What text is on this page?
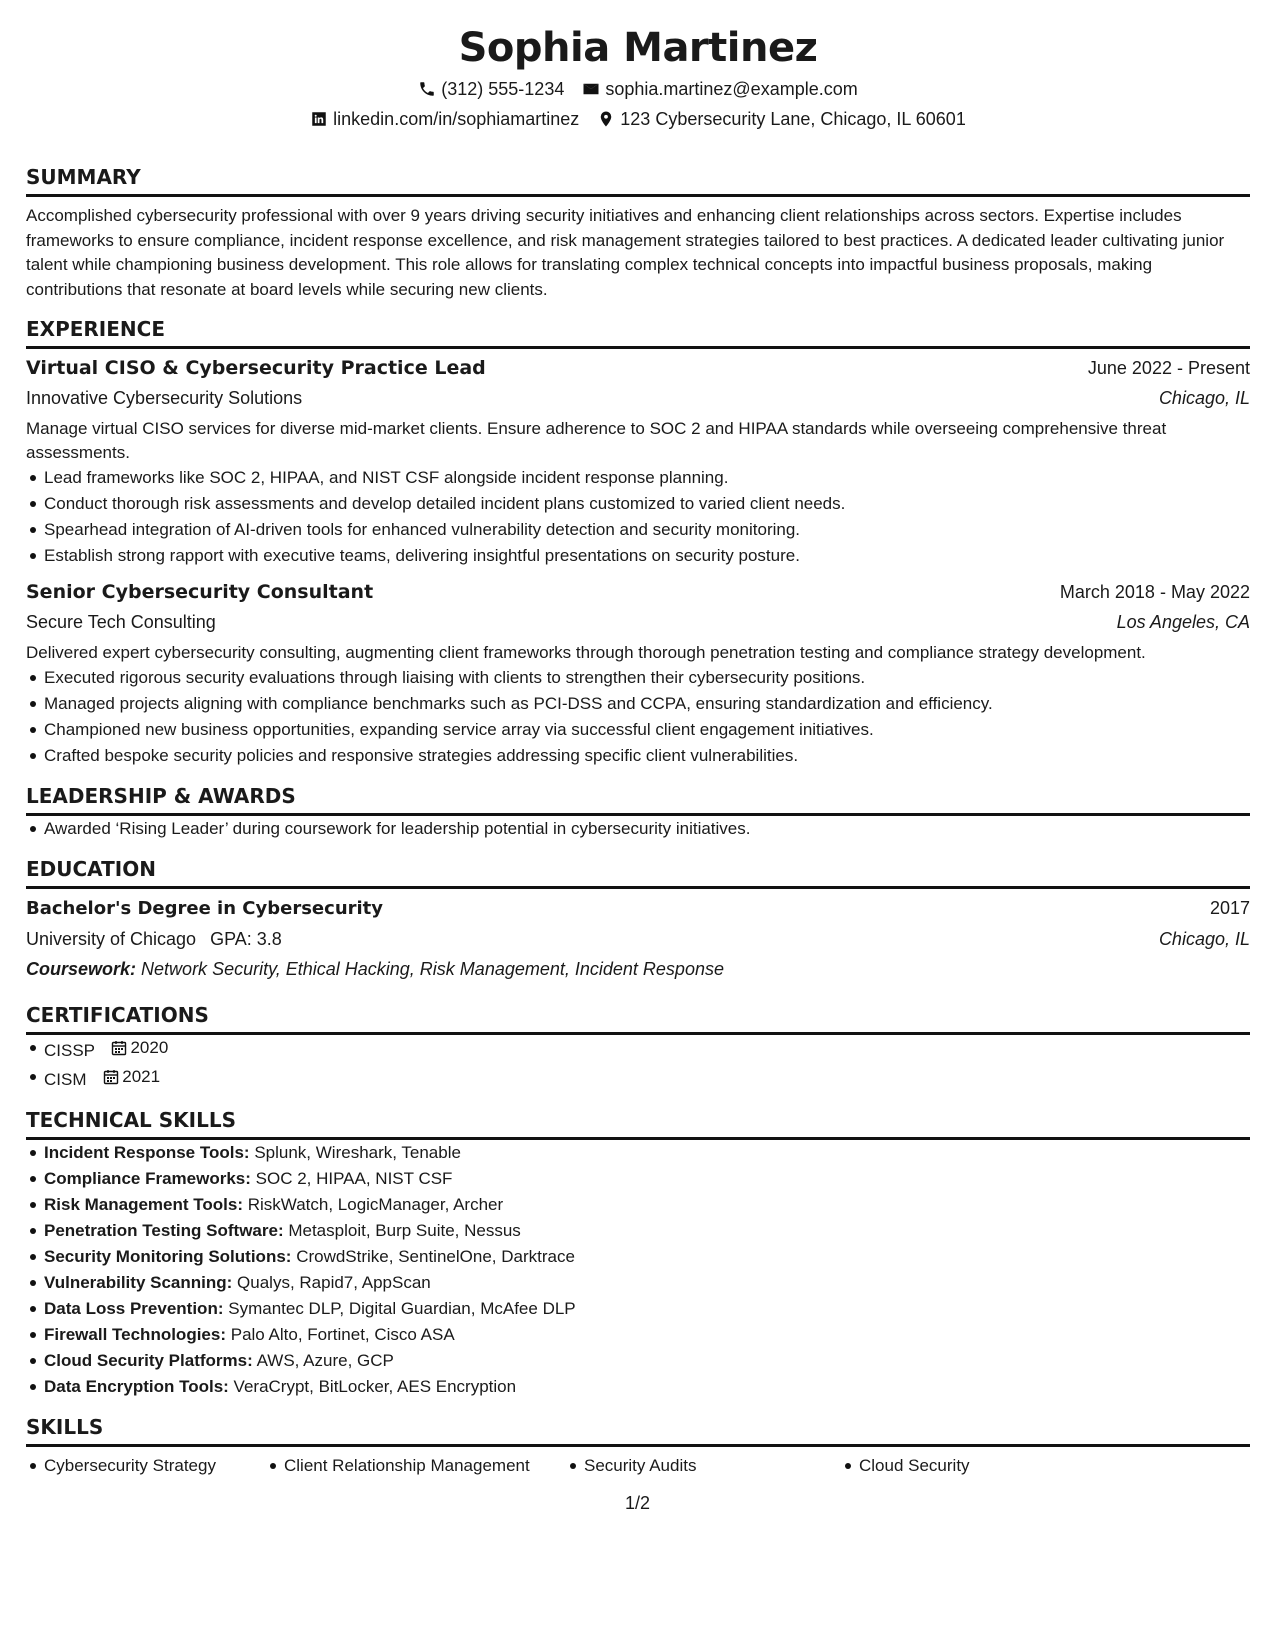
Sophia Martinez
(312) 555-1234 sophia.martinez@example.com
linkedin.com/in/sophiamartinez 123 Cybersecurity Lane, Chicago, IL 60601
SUMMARY

Accomplished cybersecurity professional with over 9 years driving security initiatives and enhancing client relationships across sectors. Expertise includes frameworks to ensure compliance, incident response excellence, and risk management strategies tailored to best practices. A dedicated leader cultivating junior talent while championing business development. This role allows for translating complex technical concepts into impactful business proposals, making contributions that resonate at board levels while securing new clients.

EXPERIENCE
Virtual CISO & Cybersecurity Practice Lead	June 2022 - Present
Innovative Cybersecurity Solutions	Chicago, IL

Manage virtual CISO services for diverse mid-market clients. Ensure adherence to SOC 2 and HIPAA standards while overseeing comprehensive threat assessments.

Lead frameworks like SOC 2, HIPAA, and NIST CSF alongside incident response planning.
Conduct thorough risk assessments and develop detailed incident plans customized to varied client needs.
Spearhead integration of AI-driven tools for enhanced vulnerability detection and security monitoring.
Establish strong rapport with executive teams, delivering insightful presentations on security posture.
Senior Cybersecurity Consultant	March 2018 - May 2022
Secure Tech Consulting	Los Angeles, CA

Delivered expert cybersecurity consulting, augmenting client frameworks through thorough penetration testing and compliance strategy development.

Executed rigorous security evaluations through liaising with clients to strengthen their cybersecurity positions.
Managed projects aligning with compliance benchmarks such as PCI-DSS and CCPA, ensuring standardization and efficiency.
Championed new business opportunities, expanding service array via successful client engagement initiatives.
Crafted bespoke security policies and responsive strategies addressing specific client vulnerabilities.
LEADERSHIP & AWARDS
Awarded ‘Rising Leader’ during coursework for leadership potential in cybersecurity initiatives.
EDUCATION
Bachelor's Degree in Cybersecurity	2017
University of Chicago GPA: 3.8	Chicago, IL
Coursework: Network Security, Ethical Hacking, Risk Management, Incident Response
CERTIFICATIONS
CISSP 2020
CISM 2021
TECHNICAL SKILLS
Incident Response Tools: Splunk, Wireshark, Tenable
Compliance Frameworks: SOC 2, HIPAA, NIST CSF
Risk Management Tools: RiskWatch, LogicManager, Archer
Penetration Testing Software: Metasploit, Burp Suite, Nessus
Security Monitoring Solutions: CrowdStrike, SentinelOne, Darktrace
Vulnerability Scanning: Qualys, Rapid7, AppScan
Data Loss Prevention: Symantec DLP, Digital Guardian, McAfee DLP
Firewall Technologies: Palo Alto, Fortinet, Cisco ASA
Cloud Security Platforms: AWS, Azure, GCP
Data Encryption Tools: VeraCrypt, BitLocker, AES Encryption
SKILLS
Cybersecurity Strategy	Client Relationship Management	Security Audits	Cloud Security
1/2
